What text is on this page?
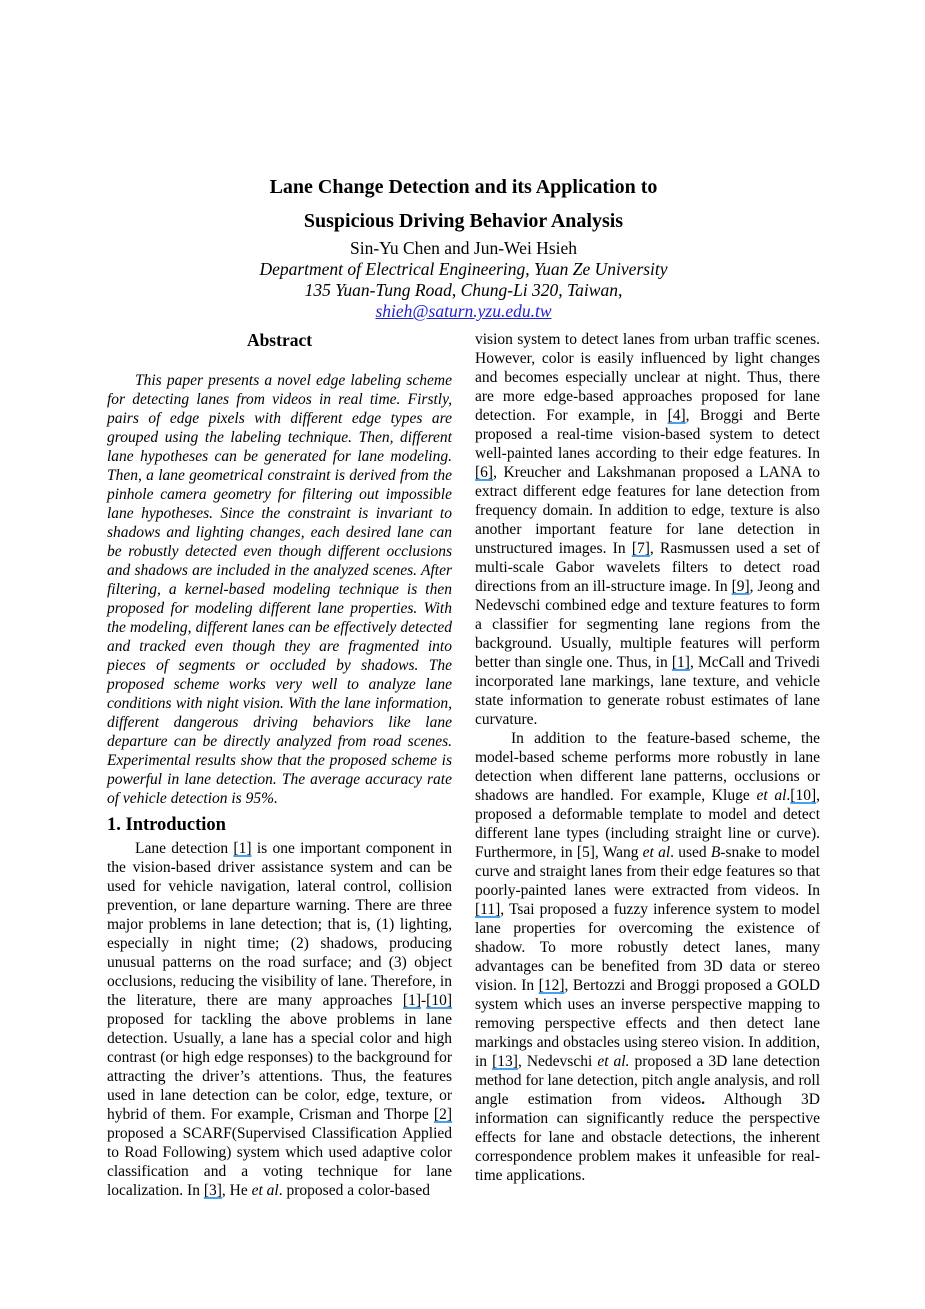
Lane Change Detection and its Application to
Suspicious Driving Behavior Analysis
Sin-Yu Chen and Jun-Wei Hsieh
Department of Electrical Engineering, Yuan Ze University
135 Yuan-Tung Road, Chung-Li 320, Taiwan,
shieh@saturn.yzu.edu.tw
Abstract

This paper presents a novel edge labeling scheme for detecting lanes from videos in real time. Firstly, pairs of edge pixels with different edge types are grouped using the labeling technique. Then, different lane hypotheses can be generated for lane modeling. Then, a lane geometrical constraint is derived from the pinhole camera geometry for filtering out impossible lane hypotheses. Since the constraint is invariant to shadows and lighting changes, each desired lane can be robustly detected even though different occlusions and shadows are included in the analyzed scenes. After filtering, a kernel-based modeling technique is then proposed for modeling different lane properties. With the modeling, different lanes can be effectively detected and tracked even though they are fragmented into pieces of segments or occluded by shadows. The proposed scheme works very well to analyze lane conditions with night vision. With the lane information, different dangerous driving behaviors like lane departure can be directly analyzed from road scenes. Experimental results show that the proposed scheme is powerful in lane detection. The average accuracy rate of vehicle detection is 95%.

1. Introduction

Lane detection [1] is one important component in the vision-based driver assistance system and can be used for vehicle navigation, lateral control, collision prevention, or lane departure warning. There are three major problems in lane detection; that is, (1) lighting, especially in night time; (2) shadows, producing unusual patterns on the road surface; and (3) object occlusions, reducing the visibility of lane. Therefore, in the literature, there are many approaches [1]-[10] proposed for tackling the above problems in lane detection. Usually, a lane has a special color and high contrast (or high edge responses) to the background for attracting the driver’s attentions. Thus, the features used in lane detection can be color, edge, texture, or hybrid of them. For example, Crisman and Thorpe [2] proposed a SCARF(Supervised Classification Applied to Road Following) system which used adaptive color classification and a voting technique for lane localization. In [3], He et al. proposed a color-based

vision system to detect lanes from urban traffic scenes. However, color is easily influenced by light changes and becomes especially unclear at night. Thus, there are more edge-based approaches proposed for lane detection. For example, in [4], Broggi and Berte proposed a real-time vision-based system to detect well-painted lanes according to their edge features. In [6], Kreucher and Lakshmanan proposed a LANA to extract different edge features for lane detection from frequency domain. In addition to edge, texture is also another important feature for lane detection in unstructured images. In [7], Rasmussen used a set of multi-scale Gabor wavelets filters to detect road directions from an ill-structure image. In [9], Jeong and Nedevschi combined edge and texture features to form a classifier for segmenting lane regions from the background. Usually, multiple features will perform better than single one. Thus, in [1], McCall and Trivedi incorporated lane markings, lane texture, and vehicle state information to generate robust estimates of lane curvature.

In addition to the feature-based scheme, the model-based scheme performs more robustly in lane detection when different lane patterns, occlusions or shadows are handled. For example, Kluge et al.[10], proposed a deformable template to model and detect different lane types (including straight line or curve). Furthermore, in [5], Wang et al. used B-snake to model curve and straight lanes from their edge features so that poorly-painted lanes were extracted from videos. In [11], Tsai proposed a fuzzy inference system to model lane properties for overcoming the existence of shadow. To more robustly detect lanes, many advantages can be benefited from 3D data or stereo vision. In [12], Bertozzi and Broggi proposed a GOLD system which uses an inverse perspective mapping to removing perspective effects and then detect lane markings and obstacles using stereo vision. In addition, in [13], Nedevschi et al. proposed a 3D lane detection method for lane detection, pitch angle analysis, and roll angle estimation from videos. Although 3D information can significantly reduce the perspective effects for lane and obstacle detections, the inherent correspondence problem makes it unfeasible for real-time applications.
